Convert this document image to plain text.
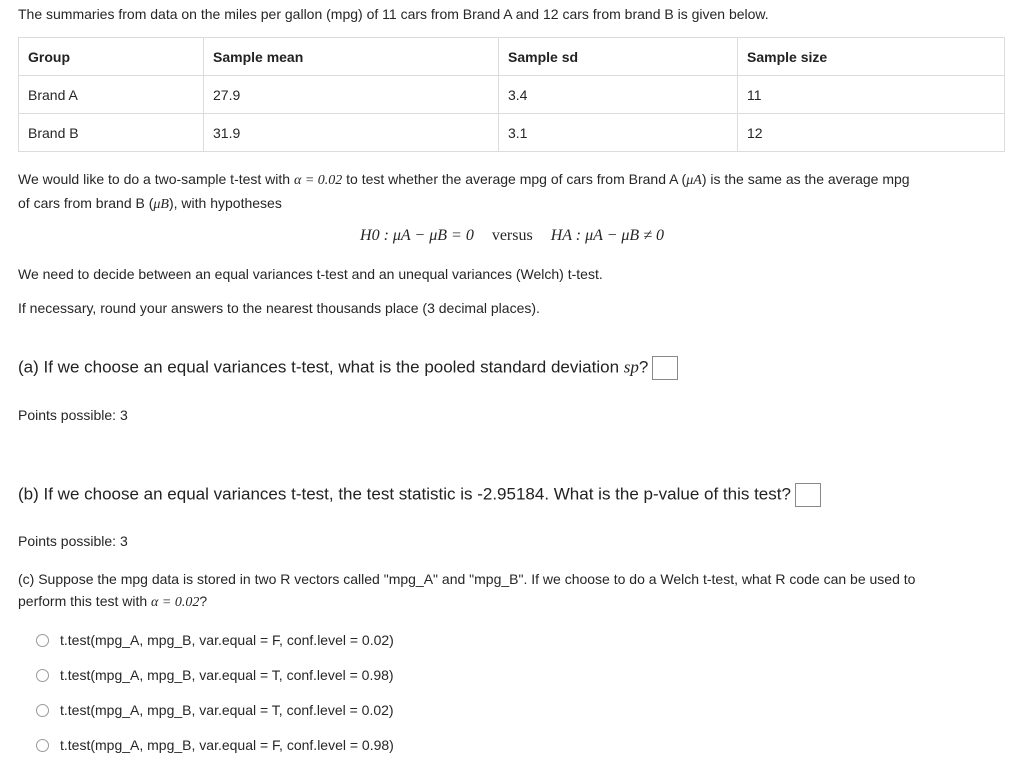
The summaries from data on the miles per gallon (mpg) of 11 cars from Brand A and 12 cars from brand B is given below.
Group	Sample mean	Sample sd	Sample size
Brand A	27.9	3.4	11
Brand B	31.9	3.1	12
We would like to do a two-sample t-test with α = 0.02 to test whether the average mpg of cars from Brand A (μA) is the same as the average mpg
of cars from brand B (μB), with hypotheses
H0 : μA − μB = 0 versus HA : μA − μB ≠ 0
We need to decide between an equal variances t-test and an unequal variances (Welch) t-test.
If necessary, round your answers to the nearest thousands place (3 decimal places).
(a) If we choose an equal variances t-test, what is the pooled standard deviation sp?
Points possible: 3
(b) If we choose an equal variances t-test, the test statistic is -2.95184. What is the p-value of this test?
Points possible: 3
(c) Suppose the mpg data is stored in two R vectors called "mpg_A" and "mpg_B". If we choose to do a Welch t-test, what R code can be used to
perform this test with α = 0.02?
t.test(mpg_A, mpg_B, var.equal = F, conf.level = 0.02)
t.test(mpg_A, mpg_B, var.equal = T, conf.level = 0.98)
t.test(mpg_A, mpg_B, var.equal = T, conf.level = 0.02)
t.test(mpg_A, mpg_B, var.equal = F, conf.level = 0.98)
